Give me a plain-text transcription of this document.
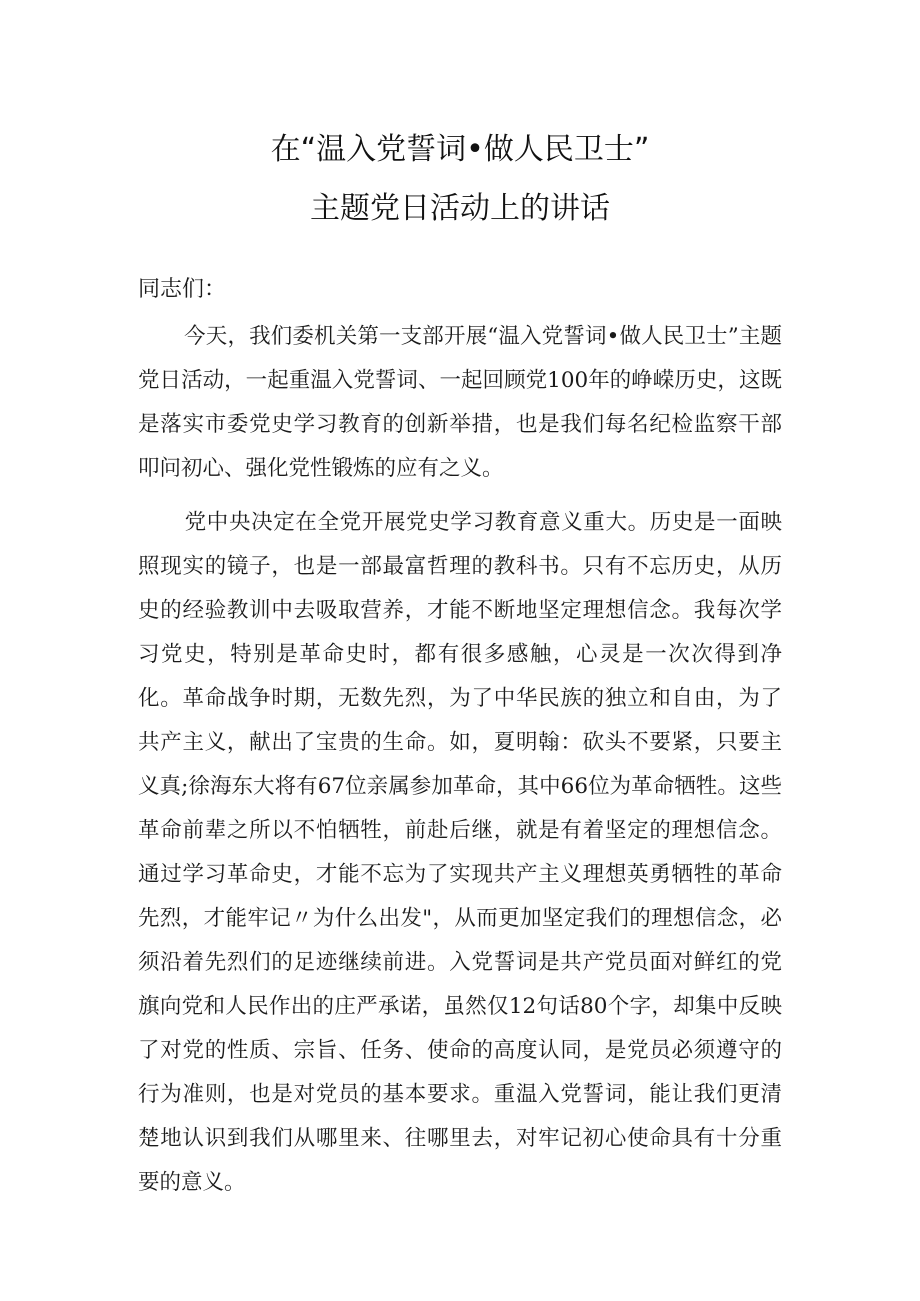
在“温入党誓词•做人民卫士”
主题党日活动上的讲话
同志们：

今天，我们委机关第一支部开展“温入党誓词•做人民卫士”主题党日活动，一起重温入党誓词、一起回顾党100年的峥嵘历史，这既是落实市委党史学习教育的创新举措，也是我们每名纪检监察干部叩问初心、强化党性锻炼的应有之义。

党中央决定在全党开展党史学习教育意义重大。历史是一面映照现实的镜子，也是一部最富哲理的教科书。只有不忘历史，从历史的经验教训中去吸取营养，才能不断地坚定理想信念。我每次学习党史，特别是革命史时，都有很多感触，心灵是一次次得到净化。革命战争时期，无数先烈，为了中华民族的独立和自由，为了共产主义，献出了宝贵的生命。如，夏明翰：砍头不要紧，只要主义真;徐海东大将有67位亲属参加革命，其中66位为革命牺牲。这些革命前辈之所以不怕牺牲，前赴后继，就是有着坚定的理想信念。通过学习革命史，才能不忘为了实现共产主义理想英勇牺牲的革命先烈，才能牢记〃为什么出发"，从而更加坚定我们的理想信念，必须沿着先烈们的足迹继续前进。入党誓词是共产党员面对鲜红的党旗向党和人民作出的庄严承诺，虽然仅12句话80个字，却集中反映了对党的性质、宗旨、任务、使命的高度认同，是党员必须遵守的行为准则，也是对党员的基本要求。重温入党誓词，能让我们更清楚地认识到我们从哪里来、往哪里去，对牢记初心使命具有十分重要的意义。
